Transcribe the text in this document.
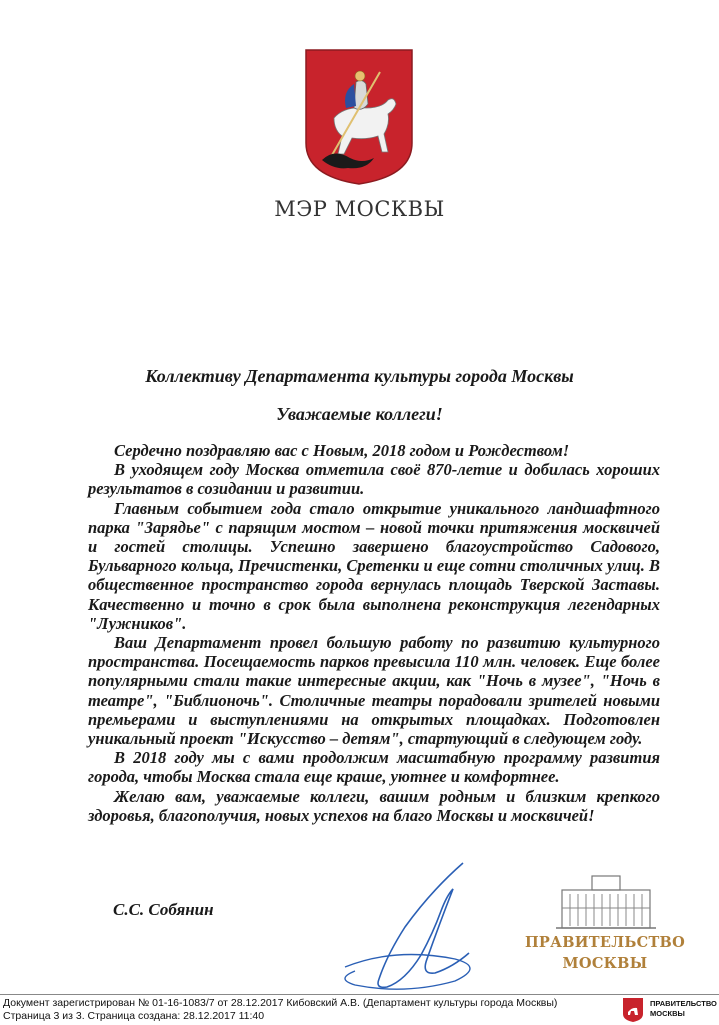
МЭР МОСКВЫ
Коллективу Департамента культуры города Москвы
Уважаемые коллеги!

Сердечно поздравляю вас с Новым, 2018 годом и Рождеством!

В уходящем году Москва отметила своё 870-летие и добилась хороших результатов в созидании и развитии.

Главным событием года стало открытие уникального ландшафтного парка "Зарядье" с парящим мостом – новой точки притяжения москвичей и гостей столицы. Успешно завершено благоустройство Садового, Бульварного кольца, Пречистенки, Сретенки и еще сотни столичных улиц. В общественное пространство города вернулась площадь Тверской Заставы. Качественно и точно в срок была выполнена реконструкция легендарных "Лужников".

Ваш Департамент провел большую работу по развитию культурного пространства. Посещаемость парков превысила 110 млн. человек. Еще более популярными стали такие интересные акции, как "Ночь в музее", "Ночь в театре", "Библионочь". Столичные театры порадовали зрителей новыми премьерами и выступлениями на открытых площадках. Подготовлен уникальный проект "Искусство – детям", стартующий в следующем году.

В 2018 году мы с вами продолжим масштабную программу развития города, чтобы Москва стала еще краше, уютнее и комфортнее.

Желаю вам, уважаемые коллеги, вашим родным и близким крепкого здоровья, благополучия, новых успехов на благо Москвы и москвичей!

С.С. Собянин
ПРАВИТЕЛЬСТВО
МОСКВЫ
Документ зарегистрирован № 01-16-1083/7 от 28.12.2017 Кибовский А.В. (Департамент культуры города Москвы)
Страница 3 из 3. Страница создана: 28.12.2017 11:40
ПРАВИТЕЛЬСТВО
МОСКВЫ
